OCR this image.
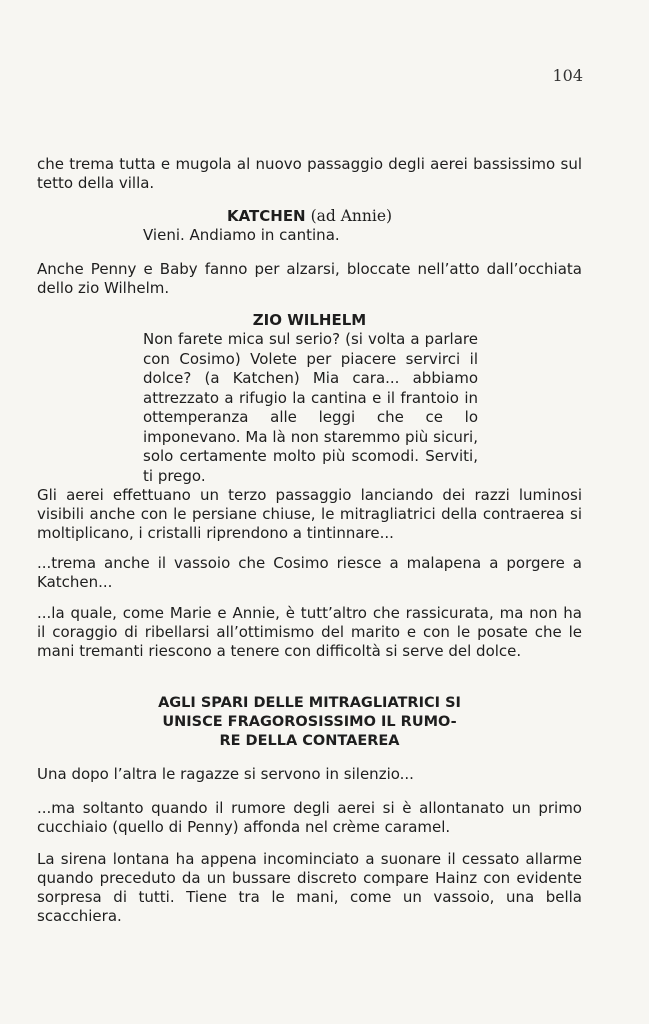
104
che trema tutta e mugola al nuovo passaggio degli aerei bassissimo sul tetto della villa.
KATCHEN (ad Annie)
Vieni. Andiamo in cantina.
Anche Penny e Baby fanno per alzarsi, bloccate nell’atto dall’occhiata dello zio Wilhelm.
ZIO WILHELM
Non farete mica sul serio? (si volta a parlare con Cosimo) Volete per piacere servirci il dolce? (a Katchen) Mia cara... abbiamo attrezzato a rifugio la cantina e il frantoio in ottemperanza alle leggi che ce lo imponevano. Ma là non staremmo più sicuri, solo certamente molto più scomodi. Serviti, ti prego.
Gli aerei effettuano un terzo passaggio lanciando dei razzi luminosi visibili anche con le persiane chiuse, le mitragliatrici della contraerea si moltiplicano, i cristalli riprendono a tintinnare...
...trema anche il vassoio che Cosimo riesce a malapena a porgere a Katchen...
...la quale, come Marie e Annie, è tutt’altro che rassicurata, ma non ha il coraggio di ribellarsi all’ottimismo del marito e con le posate che le mani tremanti riescono a tenere con difficoltà si serve del dolce.
AGLI SPARI DELLE MITRAGLIATRICI SI
UNISCE FRAGOROSISSIMO IL RUMO-
RE DELLA CONTAEREA
Una dopo l’altra le ragazze si servono in silenzio...
...ma soltanto quando il rumore degli aerei si è allontanato un primo cucchiaio (quello di Penny) affonda nel crème caramel.
La sirena lontana ha appena incominciato a suonare il cessato allarme quando preceduto da un bussare discreto compare Hainz con evidente sorpresa di tutti. Tiene tra le mani, come un vassoio, una bella scacchiera.
